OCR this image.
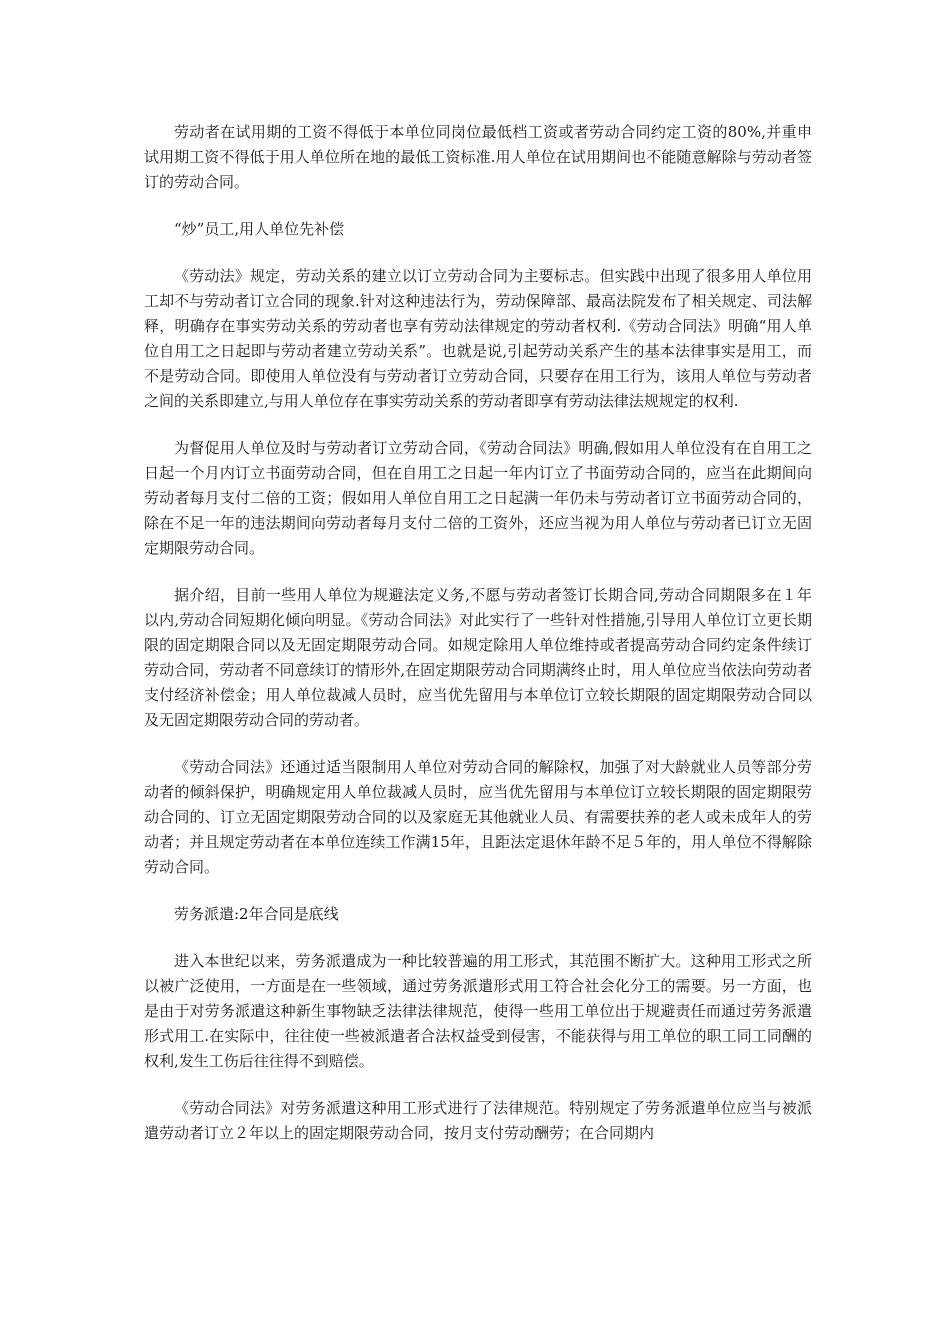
劳动者在试用期的工资不得低于本单位同岗位最低档工资或者劳动合同约定工资的80%,并重申试用期工资不得低于用人单位所在地的最低工资标准.用人单位在试用期间也不能随意解除与劳动者签订的劳动合同。

“炒”员工,用人单位先补偿

《劳动法》规定，劳动关系的建立以订立劳动合同为主要标志。但实践中出现了很多用人单位用工却不与劳动者订立合同的现象.针对这种违法行为，劳动保障部、最高法院发布了相关规定、司法解释，明确存在事实劳动关系的劳动者也享有劳动法律规定的劳动者权利.《劳动合同法》明确“用人单位自用工之日起即与劳动者建立劳动关系”。也就是说,引起劳动关系产生的基本法律事实是用工，而不是劳动合同。即使用人单位没有与劳动者订立劳动合同，只要存在用工行为，该用人单位与劳动者之间的关系即建立,与用人单位存在事实劳动关系的劳动者即享有劳动法律法规规定的权利.

为督促用人单位及时与劳动者订立劳动合同，《劳动合同法》明确,假如用人单位没有在自用工之日起一个月内订立书面劳动合同，但在自用工之日起一年内订立了书面劳动合同的，应当在此期间向劳动者每月支付二倍的工资；假如用人单位自用工之日起满一年仍未与劳动者订立书面劳动合同的，除在不足一年的违法期间向劳动者每月支付二倍的工资外，还应当视为用人单位与劳动者已订立无固定期限劳动合同。

据介绍，目前一些用人单位为规避法定义务,不愿与劳动者签订长期合同,劳动合同期限多在１年以内,劳动合同短期化倾向明显。《劳动合同法》对此实行了一些针对性措施,引导用人单位订立更长期限的固定期限合同以及无固定期限劳动合同。如规定除用人单位维持或者提高劳动合同约定条件续订劳动合同，劳动者不同意续订的情形外,在固定期限劳动合同期满终止时，用人单位应当依法向劳动者支付经济补偿金；用人单位裁减人员时，应当优先留用与本单位订立较长期限的固定期限劳动合同以及无固定期限劳动合同的劳动者。

《劳动合同法》还通过适当限制用人单位对劳动合同的解除权，加强了对大龄就业人员等部分劳动者的倾斜保护，明确规定用人单位裁减人员时，应当优先留用与本单位订立较长期限的固定期限劳动合同的、订立无固定期限劳动合同的以及家庭无其他就业人员、有需要扶养的老人或未成年人的劳动者；并且规定劳动者在本单位连续工作满15年，且距法定退休年龄不足５年的，用人单位不得解除劳动合同。

劳务派遣:2年合同是底线

进入本世纪以来，劳务派遣成为一种比较普遍的用工形式，其范围不断扩大。这种用工形式之所以被广泛使用，一方面是在一些领域，通过劳务派遣形式用工符合社会化分工的需要。另一方面，也是由于对劳务派遣这种新生事物缺乏法律法律规范，使得一些用工单位出于规避责任而通过劳务派遣形式用工.在实际中，往往使一些被派遣者合法权益受到侵害，不能获得与用工单位的职工同工同酬的权利,发生工伤后往往得不到赔偿。

《劳动合同法》对劳务派遣这种用工形式进行了法律规范。特别规定了劳务派遣单位应当与被派遣劳动者订立２年以上的固定期限劳动合同，按月支付劳动酬劳；在合同期内
